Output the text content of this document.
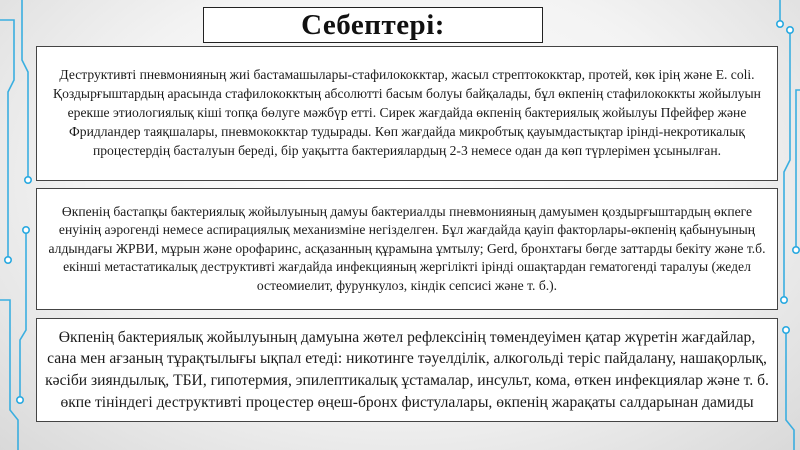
Себептері:

Деструктивті пневмонияның жиі бастамашылары-стафилококктар, жасыл стрептококктар, протей, көк ірің және E. coli. Қоздырғыштардың арасында стафилококктың абсолютті басым болуы байқалады, бұл өкпенің стафилококкты жойылуын ерекше этиологиялық кіші топқа бөлуге мәжбүр етті. Сирек жағдайда өкпенің бактериялық жойылуы Пфейфер және Фридландер таяқшалары, пневмококктар тудырады. Көп жағдайда микробтық қауымдастықтар ірінді-некротикалық процестердің басталуын береді, бір уақытта бактериялардың 2-3 немесе одан да көп түрлерімен ұсынылған.

Өкпенің бастапқы бактериялық жойылуының дамуы бактериалды пневмонияның дамуымен қоздырғыштардың өкпеге енуінің аэрогенді немесе аспирациялық механизміне негізделген. Бұл жағдайда қауіп факторлары-өкпенің қабынуының алдындағы ЖРВИ, мұрын және орофаринс, асқазанның құрамына ұмтылу; Gerd, бронхтағы бөгде заттарды бекіту және т.б. екінші метастатикалық деструктивті жағдайда инфекцияның жергілікті ірінді ошақтардан гематогенді таралуы (жедел остеомиелит, фурункулоз, кіндік сепсисі және т. б.).

Өкпенің бактериялық жойылуының дамуына жөтел рефлексінің төмендеуімен қатар жүретін жағдайлар, сана мен ағзаның тұрақтылығы ықпал етеді: никотинге тәуелділік, алкогольді теріс пайдалану, нашақорлық, кәсіби зияндылық, ТБИ, гипотермия, эпилептикалық ұстамалар, инсульт, кома, өткен инфекциялар және т. б. өкпе тініндегі деструктивті процестер өңеш-бронх фистулалары, өкпенің жарақаты салдарынан дамиды
